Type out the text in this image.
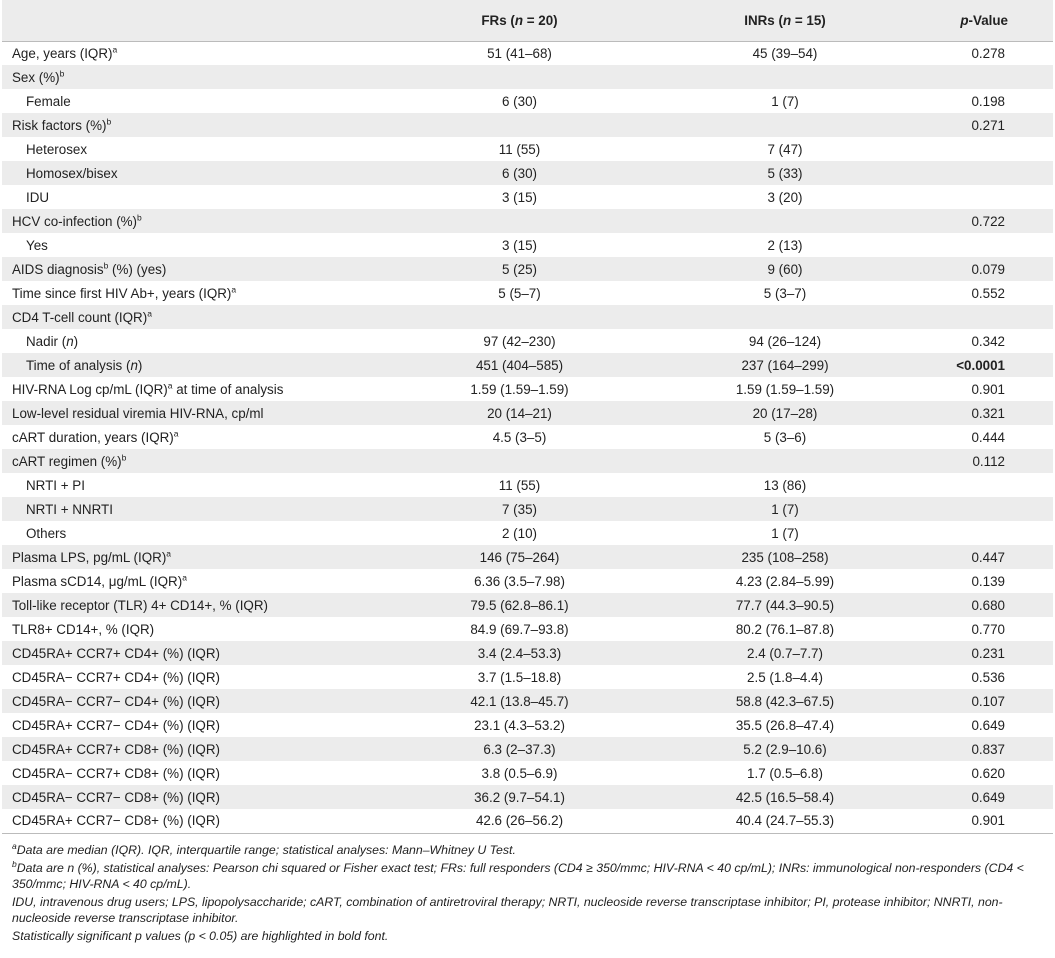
	FRs (n = 20)	INRs (n = 15)	p-Value
Age, years (IQR)$^a$	51 (41–68)	45 (39–54)	0.278
Sex (%)$^b$			
Female	6 (30)	1 (7)	0.198
Risk factors (%)$^b$			0.271
Heterosex	11 (55)	7 (47)	
Homosex/bisex	6 (30)	5 (33)	
IDU	3 (15)	3 (20)	
HCV co-infection (%)$^b$			0.722
Yes	3 (15)	2 (13)	
AIDS diagnosis$^b$ (%) (yes)	5 (25)	9 (60)	0.079
Time since first HIV Ab+, years (IQR)$^a$	5 (5–7)	5 (3–7)	0.552
CD4 T-cell count (IQR)$^a$			
Nadir (n)	97 (42–230)	94 (26–124)	0.342
Time of analysis (n)	451 (404–585)	237 (164–299)	<0.0001
HIV-RNA Log cp/mL (IQR)$^a$ at time of analysis	1.59 (1.59–1.59)	1.59 (1.59–1.59)	0.901
Low-level residual viremia HIV-RNA, cp/ml	20 (14–21)	20 (17–28)	0.321
cART duration, years (IQR)$^a$	4.5 (3–5)	5 (3–6)	0.444
cART regimen (%)$^b$			0.112
NRTI + PI	11 (55)	13 (86)	
NRTI + NNRTI	7 (35)	1 (7)	
Others	2 (10)	1 (7)	
Plasma LPS, pg/mL (IQR)$^a$	146 (75–264)	235 (108–258)	0.447
Plasma sCD14, μg/mL (IQR)$^a$	6.36 (3.5–7.98)	4.23 (2.84–5.99)	0.139
Toll-like receptor (TLR) 4+ CD14+, % (IQR)	79.5 (62.8–86.1)	77.7 (44.3–90.5)	0.680
TLR8+ CD14+, % (IQR)	84.9 (69.7–93.8)	80.2 (76.1–87.8)	0.770
CD45RA+ CCR7+ CD4+ (%) (IQR)	3.4 (2.4–53.3)	2.4 (0.7–7.7)	0.231
CD45RA− CCR7+ CD4+ (%) (IQR)	3.7 (1.5–18.8)	2.5 (1.8–4.4)	0.536
CD45RA− CCR7− CD4+ (%) (IQR)	42.1 (13.8–45.7)	58.8 (42.3–67.5)	0.107
CD45RA+ CCR7− CD4+ (%) (IQR)	23.1 (4.3–53.2)	35.5 (26.8–47.4)	0.649
CD45RA+ CCR7+ CD8+ (%) (IQR)	6.3 (2–37.3)	5.2 (2.9–10.6)	0.837
CD45RA− CCR7+ CD8+ (%) (IQR)	3.8 (0.5–6.9)	1.7 (0.5–6.8)	0.620
CD45RA− CCR7− CD8+ (%) (IQR)	36.2 (9.7–54.1)	42.5 (16.5–58.4)	0.649
CD45RA+ CCR7− CD8+ (%) (IQR)	42.6 (26–56.2)	40.4 (24.7–55.3)	0.901

$^a$Data are median (IQR). IQR, interquartile range; statistical analyses: Mann–Whitney U Test.

$^b$Data are n (%), statistical analyses: Pearson chi squared or Fisher exact test; FRs: full responders (CD4 ≥ 350/mmc; HIV-RNA < 40 cp/mL); INRs: immunological non-responders (CD4 < 350/mmc; HIV-RNA < 40 cp/mL).

IDU, intravenous drug users; LPS, lipopolysaccharide; cART, combination of antiretroviral therapy; NRTI, nucleoside reverse transcriptase inhibitor; PI, protease inhibitor; NNRTI, non-nucleoside reverse transcriptase inhibitor.

Statistically significant p values (p < 0.05) are highlighted in bold font.
